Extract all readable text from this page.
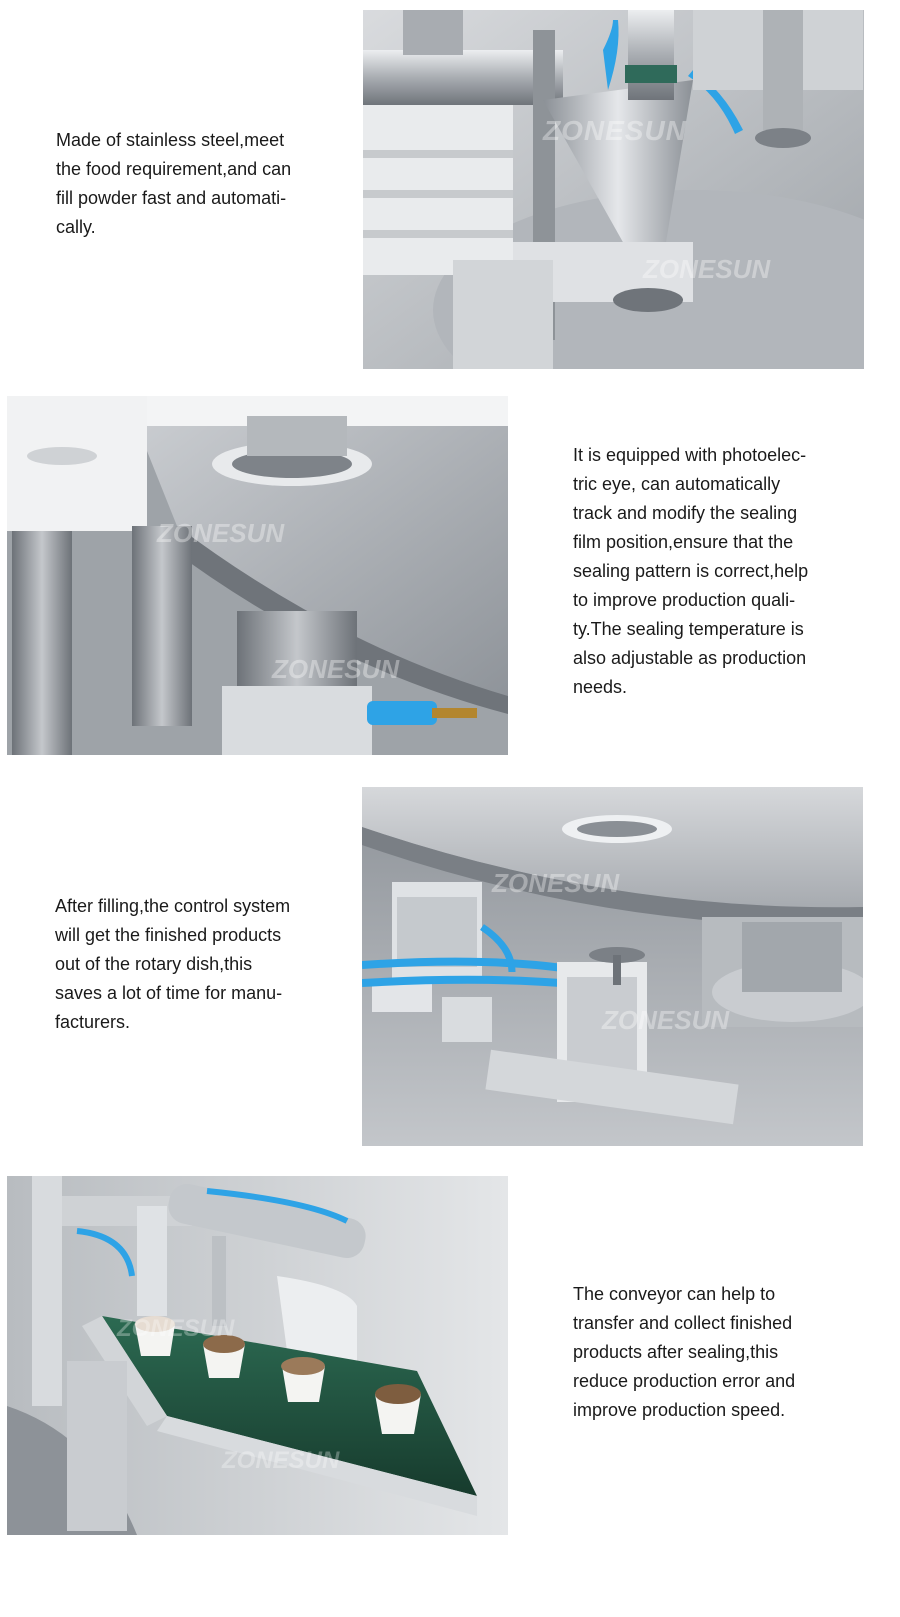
Made of stainless steel,meet
the food requirement,and can
fill powder fast and automati-
cally.
ZONESUN
ZONESUN
ZONESUN
ZONESUN
It is equipped with photoelec-
tric eye, can automatically
track and modify the sealing
film position,ensure that the
sealing pattern is correct,help
to improve production quali-
ty.The sealing temperature is
also adjustable as production
needs.
After filling,the control system
will get the finished products
out of the rotary dish,this
saves a lot of time for manu-
facturers.
ZONESUN
ZONESUN
ZONESUN
ZONESUN
The conveyor can help to
transfer and collect finished
products after sealing,this
reduce production error and
improve production speed.
